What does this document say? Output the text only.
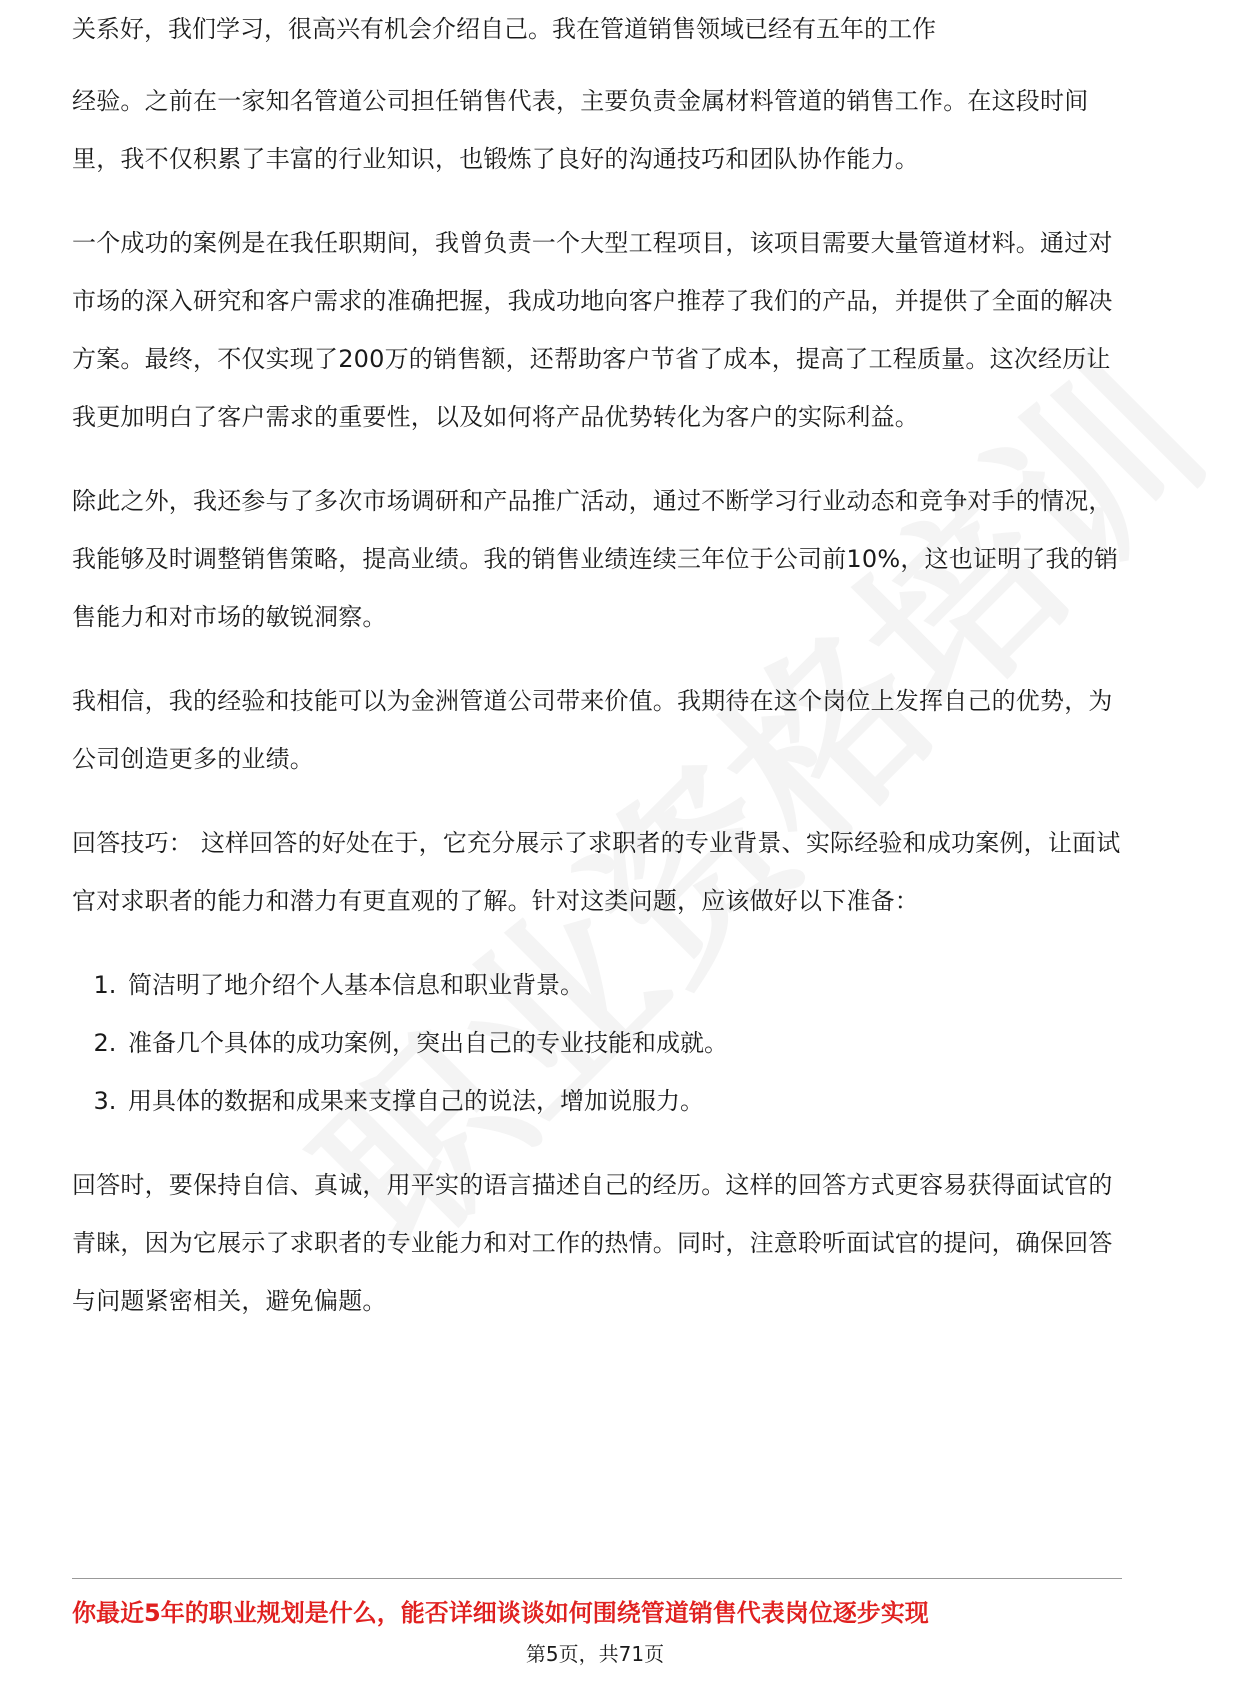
关系好，我们学习，很高兴有机会介绍自己。我在管道销售领域已经有五年的工作

经验。之前在一家知名管道公司担任销售代表，主要负责金属材料管道的销售工作。在这段时间里，我不仅积累了丰富的行业知识，也锻炼了良好的沟通技巧和团队协作能力。

一个成功的案例是在我任职期间，我曾负责一个大型工程项目，该项目需要大量管道材料。通过对市场的深入研究和客户需求的准确把握，我成功地向客户推荐了我们的产品，并提供了全面的解决方案。最终，不仅实现了200万的销售额，还帮助客户节省了成本，提高了工程质量。这次经历让我更加明白了客户需求的重要性，以及如何将产品优势转化为客户的实际利益。

除此之外，我还参与了多次市场调研和产品推广活动，通过不断学习行业动态和竞争对手的情况，我能够及时调整销售策略，提高业绩。我的销售业绩连续三年位于公司前10%，这也证明了我的销售能力和对市场的敏锐洞察。

我相信，我的经验和技能可以为金洲管道公司带来价值。我期待在这个岗位上发挥自己的优势，为公司创造更多的业绩。

回答技巧： 这样回答的好处在于，它充分展示了求职者的专业背景、实际经验和成功案例，让面试官对求职者的能力和潜力有更直观的了解。针对这类问题，应该做好以下准备：

1. 简洁明了地介绍个人基本信息和职业背景。
2. 准备几个具体的成功案例，突出自己的专业技能和成就。
3. 用具体的数据和成果来支撑自己的说法，增加说服力。

回答时，要保持自信、真诚，用平实的语言描述自己的经历。这样的回答方式更容易获得面试官的青睐，因为它展示了求职者的专业能力和对工作的热情。同时，注意聆听面试官的提问，确保回答与问题紧密相关，避免偏题。

你最近5年的职业规划是什么，能否详细谈谈如何围绕管道销售代表岗位逐步实现
第5页，共71页
